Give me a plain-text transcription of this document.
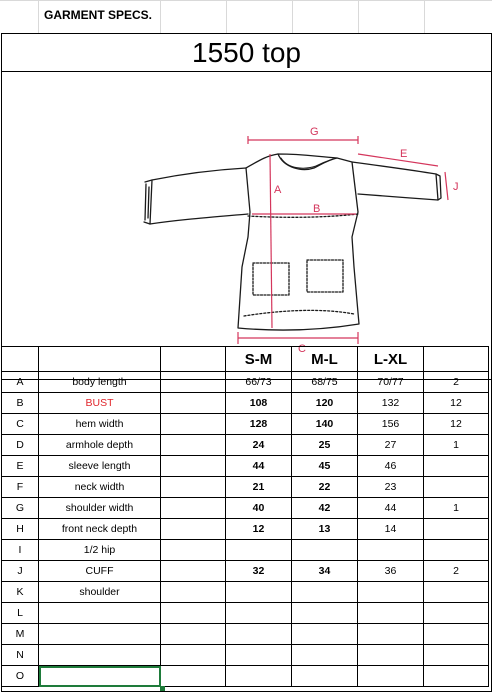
GARMENT SPECS.
1550 top
G
A
B
C
E
J
			S-M	M-L	L-XL	
A	body length		66/73	68/75	70/77	2
B	BUST		108	120	132	12
C	hem width		128	140	156	12
D	armhole depth		24	25	27	1
E	sleeve length		44	45	46	
F	neck width		21	22	23	
G	shoulder width		40	42	44	1
H	front neck depth		12	13	14	
I	1/2 hip					
J	CUFF		32	34	36	2
K	shoulder					
L						
M						
N						
O						
